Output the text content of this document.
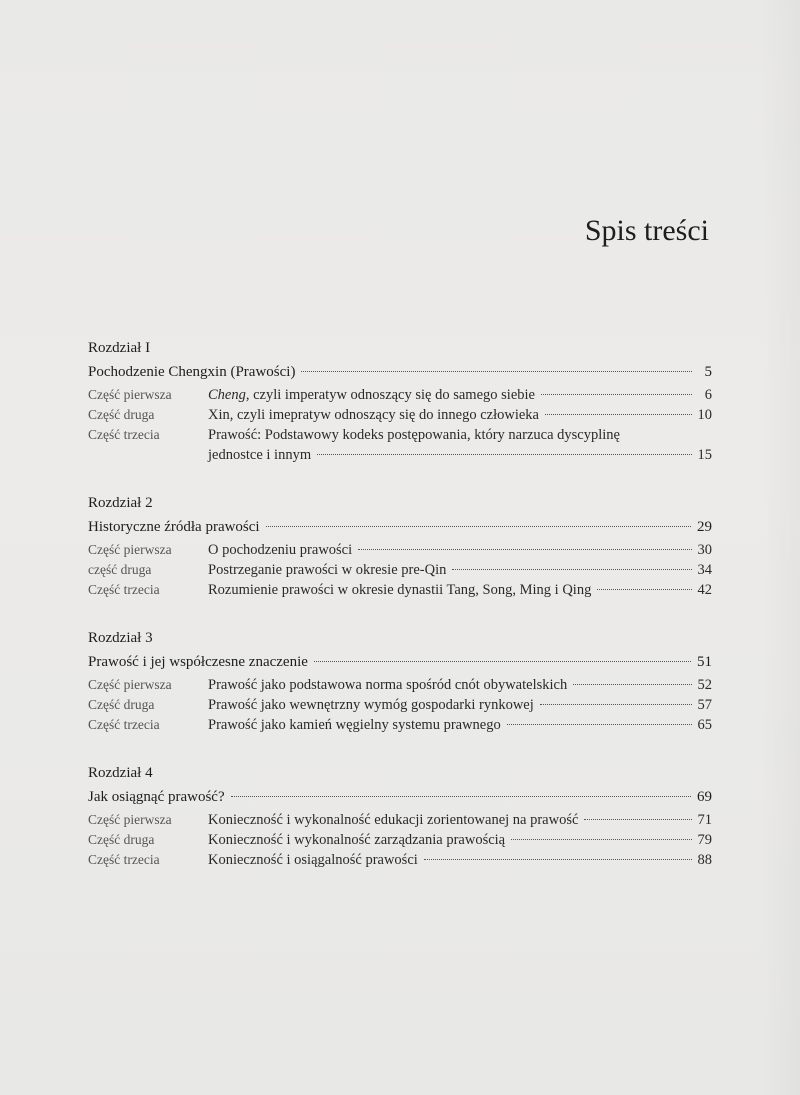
Spis treści
Rozdział I
Pochodzenie Chengxin (Prawości)	5
Część pierwsza	Cheng, czyli imperatyw odnoszący się do samego siebie	6
Część druga	Xin, czyli imepratyw odnoszący się do innego człowieka	10
Część trzecia	Prawość: Podstawowy kodeks postępowania, który narzuca dyscyplinę
jednostce i innym	15
Rozdział 2
Historyczne źródła prawości	29
Część pierwsza	O pochodzeniu prawości	30
część druga	Postrzeganie prawości w okresie pre-Qin	34
Część trzecia	Rozumienie prawości w okresie dynastii Tang, Song, Ming i Qing	42
Rozdział 3
Prawość i jej współczesne znaczenie	51
Część pierwsza	Prawość jako podstawowa norma spośród cnót obywatelskich	52
Część druga	Prawość jako wewnętrzny wymóg gospodarki rynkowej	57
Część trzecia	Prawość jako kamień węgielny systemu prawnego	65
Rozdział 4
Jak osiągnąć prawość?	69
Część pierwsza	Konieczność i wykonalność edukacji zorientowanej na prawość	71
Część druga	Konieczność i wykonalność zarządzania prawością	79
Część trzecia	Konieczność i osiągalność prawości	88
